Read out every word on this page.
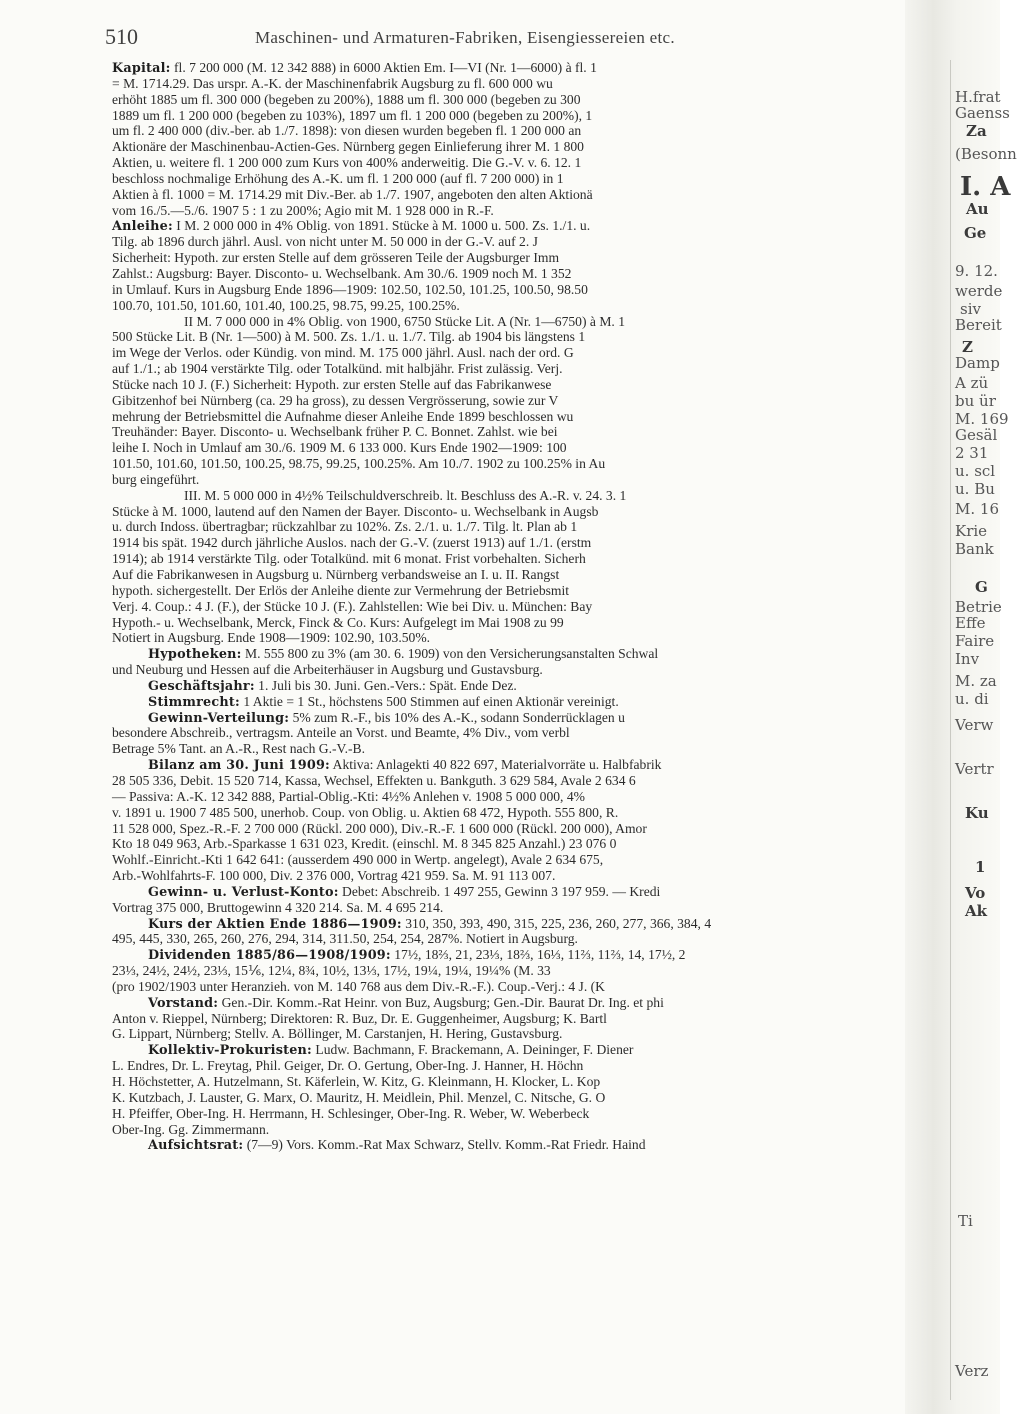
H.frat
Gaenss
Za
(Besonn
I. A
Au
Ge
9. 12.
werde
siv
Bereit
Z
Damp
A zü
bu ür
M. 169
Gesäl
2 31
u. scl
u. Bu
M. 16
Krie
Bank
G
Betrie
Effe
Faire
Inv
M. za
u. di
Verw
Vertr
Ku
1
Vo
Ak
Ti
Verz
510	Maschinen- und Armaturen-Fabriken, Eisengiessereien etc.
Kapital: fl. 7 200 000 (M. 12 342 888) in 6000 Aktien Em. I—VI (Nr. 1—6000) à fl. 1
= M. 1714.29. Das urspr. A.-K. der Maschinenfabrik Augsburg zu fl. 600 000 wu
erhöht 1885 um fl. 300 000 (begeben zu 200%), 1888 um fl. 300 000 (begeben zu 300
1889 um fl. 1 200 000 (begeben zu 103%), 1897 um fl. 1 200 000 (begeben zu 200%), 1
um fl. 2 400 000 (div.-ber. ab 1./7. 1898): von diesen wurden begeben fl. 1 200 000 an
Aktionäre der Maschinenbau-Actien-Ges. Nürnberg gegen Einlieferung ihrer M. 1 800
Aktien, u. weitere fl. 1 200 000 zum Kurs von 400% anderweitig. Die G.-V. v. 6. 12. 1
beschloss nochmalige Erhöhung des A.-K. um fl. 1 200 000 (auf fl. 7 200 000) in 1
Aktien à fl. 1000 = M. 1714.29 mit Div.-Ber. ab 1./7. 1907, angeboten den alten Aktionä
vom 16./5.—5./6. 1907 5 : 1 zu 200%; Agio mit M. 1 928 000 in R.-F.
Anleihe: I M. 2 000 000 in 4% Oblig. von 1891. Stücke à M. 1000 u. 500. Zs. 1./1. u.
Tilg. ab 1896 durch jährl. Ausl. von nicht unter M. 50 000 in der G.-V. auf 2. J
Sicherheit: Hypoth. zur ersten Stelle auf dem grösseren Teile der Augsburger Imm
Zahlst.: Augsburg: Bayer. Disconto- u. Wechselbank. Am 30./6. 1909 noch M. 1 352
in Umlauf. Kurs in Augsburg Ende 1896—1909: 102.50, 102.50, 101.25, 100.50, 98.50
100.70, 101.50, 101.60, 101.40, 100.25, 98.75, 99.25, 100.25%.
II M. 7 000 000 in 4% Oblig. von 1900, 6750 Stücke Lit. A (Nr. 1—6750) à M. 1
500 Stücke Lit. B (Nr. 1—500) à M. 500. Zs. 1./1. u. 1./7. Tilg. ab 1904 bis längstens 1
im Wege der Verlos. oder Kündig. von mind. M. 175 000 jährl. Ausl. nach der ord. G
auf 1./1.; ab 1904 verstärkte Tilg. oder Totalkünd. mit halbjähr. Frist zulässig. Verj.
Stücke nach 10 J. (F.) Sicherheit: Hypoth. zur ersten Stelle auf das Fabrikanwese
Gibitzenhof bei Nürnberg (ca. 29 ha gross), zu dessen Vergrösserung, sowie zur V
mehrung der Betriebsmittel die Aufnahme dieser Anleihe Ende 1899 beschlossen wu
Treuhänder: Bayer. Disconto- u. Wechselbank früher P. C. Bonnet. Zahlst. wie bei
leihe I. Noch in Umlauf am 30./6. 1909 M. 6 133 000. Kurs Ende 1902—1909: 100
101.50, 101.60, 101.50, 100.25, 98.75, 99.25, 100.25%. Am 10./7. 1902 zu 100.25% in Au
burg eingeführt.
III. M. 5 000 000 in 4½% Teilschuldverschreib. lt. Beschluss des A.-R. v. 24. 3. 1
Stücke à M. 1000, lautend auf den Namen der Bayer. Disconto- u. Wechselbank in Augsb
u. durch Indoss. übertragbar; rückzahlbar zu 102%. Zs. 2./1. u. 1./7. Tilg. lt. Plan ab 1
1914 bis spät. 1942 durch jährliche Auslos. nach der G.-V. (zuerst 1913) auf 1./1. (erstm
1914); ab 1914 verstärkte Tilg. oder Totalkünd. mit 6 monat. Frist vorbehalten. Sicherh
Auf die Fabrikanwesen in Augsburg u. Nürnberg verbandsweise an I. u. II. Rangst
hypoth. sichergestellt. Der Erlös der Anleihe diente zur Vermehrung der Betriebsmit
Verj. 4. Coup.: 4 J. (F.), der Stücke 10 J. (F.). Zahlstellen: Wie bei Div. u. München: Bay
Hypoth.- u. Wechselbank, Merck, Finck & Co. Kurs: Aufgelegt im Mai 1908 zu 99
Notiert in Augsburg. Ende 1908—1909: 102.90, 103.50%.
Hypotheken: M. 555 800 zu 3% (am 30. 6. 1909) von den Versicherungsanstalten Schwal
und Neuburg und Hessen auf die Arbeiterhäuser in Augsburg und Gustavsburg.
Geschäftsjahr: 1. Juli bis 30. Juni. Gen.-Vers.: Spät. Ende Dez.
Stimmrecht: 1 Aktie = 1 St., höchstens 500 Stimmen auf einen Aktionär vereinigt.
Gewinn-Verteilung: 5% zum R.-F., bis 10% des A.-K., sodann Sonderrücklagen u
besondere Abschreib., vertragsm. Anteile an Vorst. und Beamte, 4% Div., vom verbl
Betrage 5% Tant. an A.-R., Rest nach G.-V.-B.
Bilanz am 30. Juni 1909: Aktiva: Anlagekti 40 822 697, Materialvorräte u. Halbfabrik
28 505 336, Debit. 15 520 714, Kassa, Wechsel, Effekten u. Bankguth. 3 629 584, Avale 2 634 6
— Passiva: A.-K. 12 342 888, Partial-Oblig.-Kti: 4½% Anlehen v. 1908 5 000 000, 4%
v. 1891 u. 1900 7 485 500, unerhob. Coup. von Oblig. u. Aktien 68 472, Hypoth. 555 800, R.
11 528 000, Spez.-R.-F. 2 700 000 (Rückl. 200 000), Div.-R.-F. 1 600 000 (Rückl. 200 000), Amor
Kto 18 049 963, Arb.-Sparkasse 1 631 023, Kredit. (einschl. M. 8 345 825 Anzahl.) 23 076 0
Wohlf.-Einricht.-Kti 1 642 641: (ausserdem 490 000 in Wertp. angelegt), Avale 2 634 675,
Arb.-Wohlfahrts-F. 100 000, Div. 2 376 000, Vortrag 421 959. Sa. M. 91 113 007.
Gewinn- u. Verlust-Konto: Debet: Abschreib. 1 497 255, Gewinn 3 197 959. — Kredi
Vortrag 375 000, Bruttogewinn 4 320 214. Sa. M. 4 695 214.
Kurs der Aktien Ende 1886—1909: 310, 350, 393, 490, 315, 225, 236, 260, 277, 366, 384, 4
495, 445, 330, 265, 260, 276, 294, 314, 311.50, 254, 254, 287%. Notiert in Augsburg.
Dividenden 1885/86—1908/1909: 17½, 18⅔, 21, 23⅓, 18⅔, 16⅓, 11⅔, 11⅔, 14, 17½, 2
23⅓, 24½, 24½, 23⅓, 15⅙, 12¼, 8¾, 10½, 13⅓, 17½, 19¼, 19¼, 19¼% (M. 33
(pro 1902/1903 unter Heranzieh. von M. 140 768 aus dem Div.-R.-F.). Coup.-Verj.: 4 J. (K
Vorstand: Gen.-Dir. Komm.-Rat Heinr. von Buz, Augsburg; Gen.-Dir. Baurat Dr. Ing. et phi
Anton v. Rieppel, Nürnberg; Direktoren: R. Buz, Dr. E. Guggenheimer, Augsburg; K. Bartl
G. Lippart, Nürnberg; Stellv. A. Böllinger, M. Carstanjen, H. Hering, Gustavsburg.
Kollektiv-Prokuristen: Ludw. Bachmann, F. Brackemann, A. Deininger, F. Diener
L. Endres, Dr. L. Freytag, Phil. Geiger, Dr. O. Gertung, Ober-Ing. J. Hanner, H. Höchn
H. Höchstetter, A. Hutzelmann, St. Käferlein, W. Kitz, G. Kleinmann, H. Klocker, L. Kop
K. Kutzbach, J. Lauster, G. Marx, O. Mauritz, H. Meidlein, Phil. Menzel, C. Nitsche, G. O
H. Pfeiffer, Ober-Ing. H. Herrmann, H. Schlesinger, Ober-Ing. R. Weber, W. Weberbeck
Ober-Ing. Gg. Zimmermann.
Aufsichtsrat: (7—9) Vors. Komm.-Rat Max Schwarz, Stellv. Komm.-Rat Friedr. Haind
